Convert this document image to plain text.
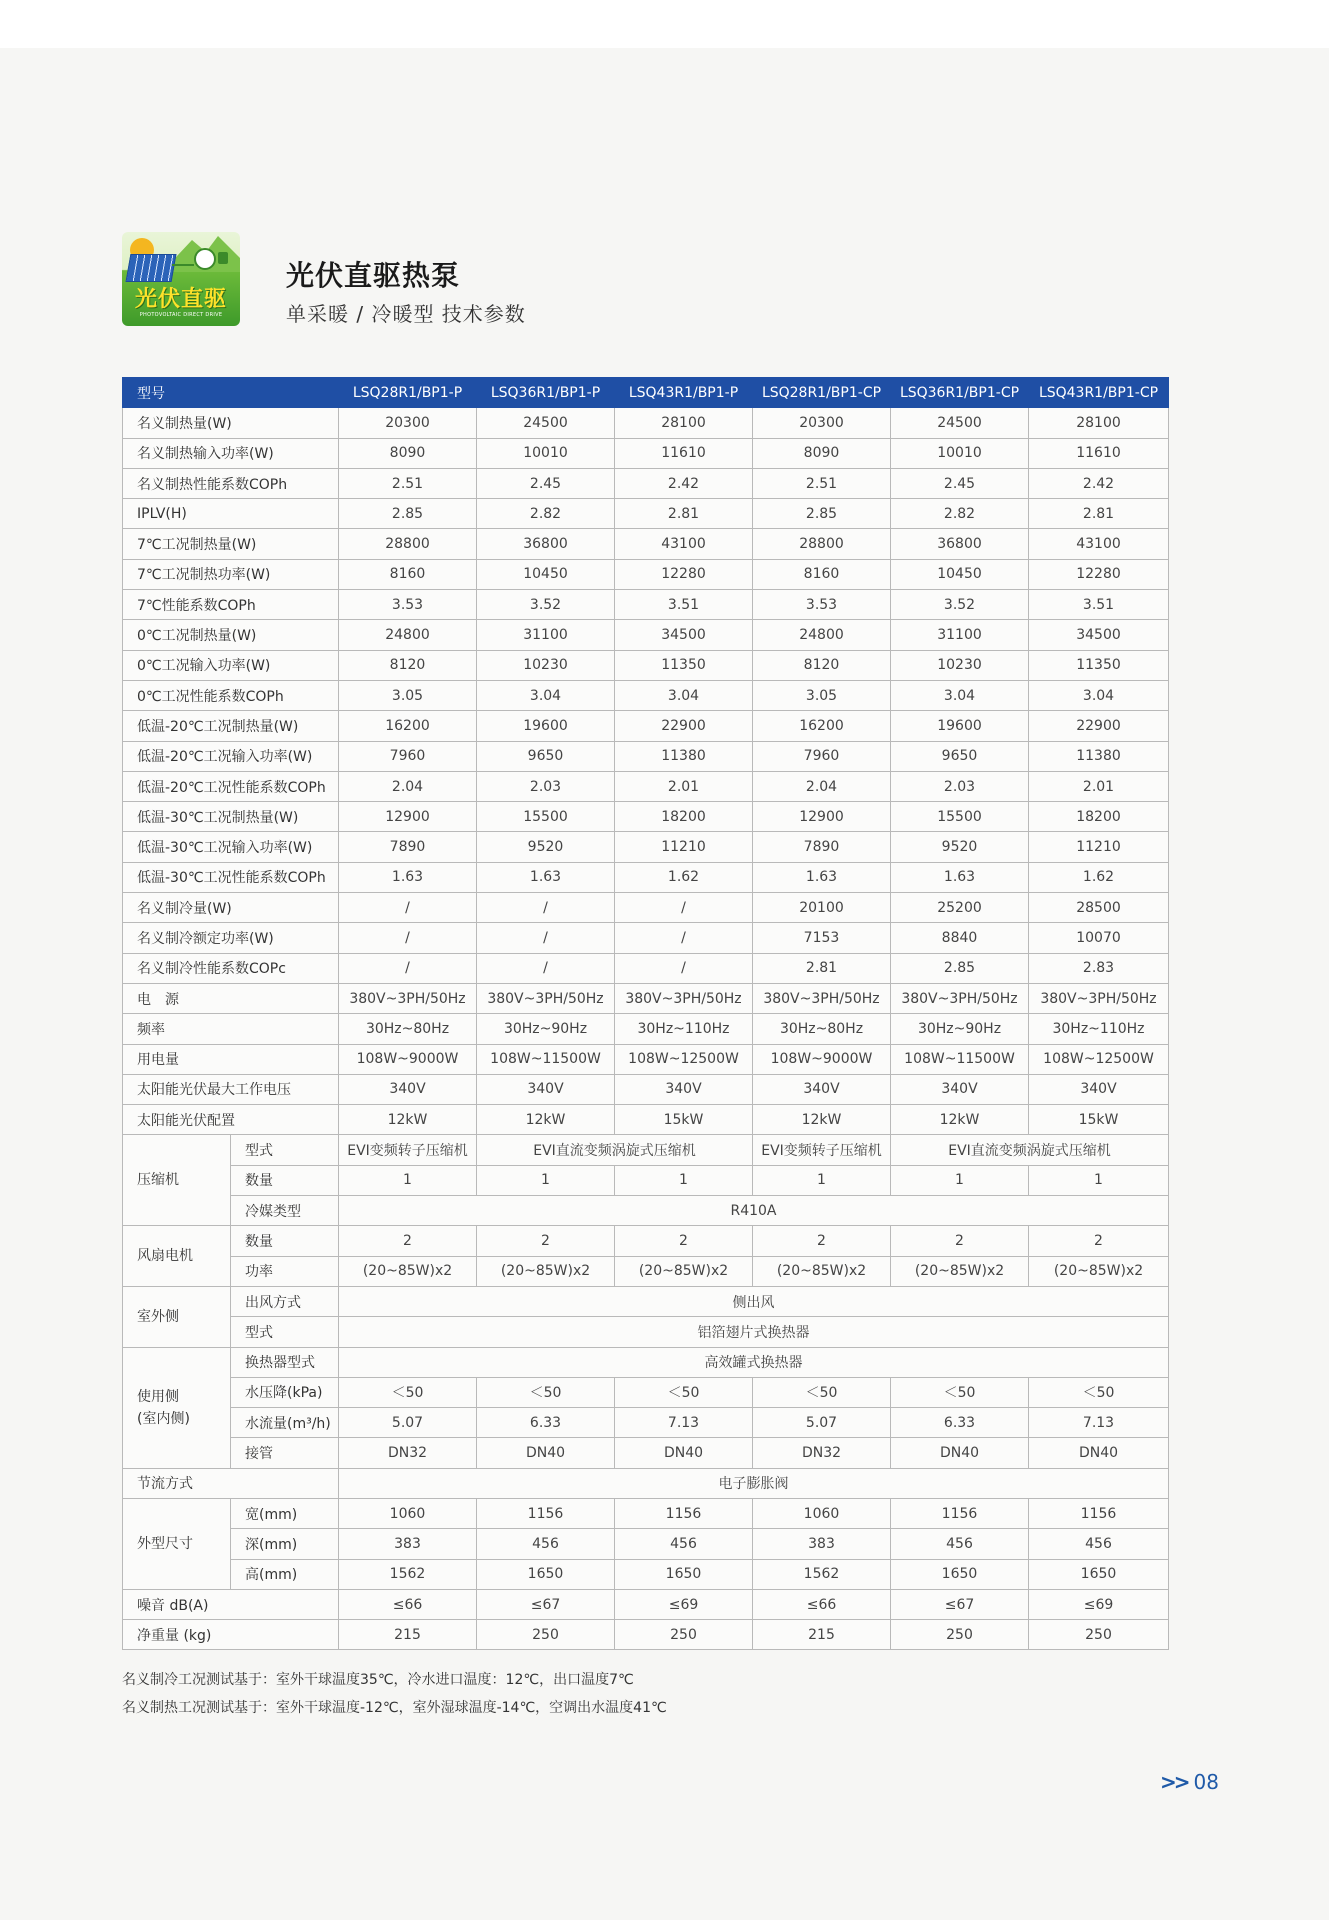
光伏直驱
PHOTOVOLTAIC DIRECT DRIVE
光伏直驱热泵
单采暖 / 冷暖型 技术参数
型号		LSQ28R1/BP1-P	LSQ36R1/BP1-P	LSQ43R1/BP1-P	LSQ28R1/BP1-CP	LSQ36R1/BP1-CP	LSQ43R1/BP1-CP
名义制热量(W)		20300	24500	28100	20300	24500	28100
名义制热输入功率(W)		8090	10010	11610	8090	10010	11610
名义制热性能系数COPh		2.51	2.45	2.42	2.51	2.45	2.42
IPLV(H)		2.85	2.82	2.81	2.85	2.82	2.81
7℃工况制热量(W)		28800	36800	43100	28800	36800	43100
7℃工况制热功率(W)		8160	10450	12280	8160	10450	12280
7℃性能系数COPh		3.53	3.52	3.51	3.53	3.52	3.51
0℃工况制热量(W)		24800	31100	34500	24800	31100	34500
0℃工况输入功率(W)		8120	10230	11350	8120	10230	11350
0℃工况性能系数COPh		3.05	3.04	3.04	3.05	3.04	3.04
低温-20℃工况制热量(W)		16200	19600	22900	16200	19600	22900
低温-20℃工况输入功率(W)		7960	9650	11380	7960	9650	11380
低温-20℃工况性能系数COPh		2.04	2.03	2.01	2.04	2.03	2.01
低温-30℃工况制热量(W)		12900	15500	18200	12900	15500	18200
低温-30℃工况输入功率(W)		7890	9520	11210	7890	9520	11210
低温-30℃工况性能系数COPh		1.63	1.63	1.62	1.63	1.63	1.62
名义制冷量(W)		/	/	/	20100	25200	28500
名义制冷额定功率(W)		/	/	/	7153	8840	10070
名义制冷性能系数COPc		/	/	/	2.81	2.85	2.83
电　源		380V~3PH/50Hz	380V~3PH/50Hz	380V~3PH/50Hz	380V~3PH/50Hz	380V~3PH/50Hz	380V~3PH/50Hz
频率		30Hz~80Hz	30Hz~90Hz	30Hz~110Hz	30Hz~80Hz	30Hz~90Hz	30Hz~110Hz
用电量		108W~9000W	108W~11500W	108W~12500W	108W~9000W	108W~11500W	108W~12500W
太阳能光伏最大工作电压		340V	340V	340V	340V	340V	340V
太阳能光伏配置		12kW	12kW	15kW	12kW	12kW	15kW
压缩机	型式	EVI变频转子压缩机	EVI直流变频涡旋式压缩机		EVI变频转子压缩机	EVI直流变频涡旋式压缩机	
	数量	1	1	1	1	1	1
	冷媒类型	R410A					
风扇电机	数量	2	2	2	2	2	2
	功率	(20~85W)x2	(20~85W)x2	(20~85W)x2	(20~85W)x2	(20~85W)x2	(20~85W)x2
室外侧	出风方式	侧出风					
	型式	铝箔翅片式换热器					
使用侧
(室内侧)	换热器型式	高效罐式换热器					
	水压降(kPa)	＜50	＜50	＜50	＜50	＜50	＜50
	水流量(m³/h)	5.07	6.33	7.13	5.07	6.33	7.13
	接管	DN32	DN40	DN40	DN32	DN40	DN40
节流方式		电子膨胀阀					
外型尺寸	宽(mm)	1060	1156	1156	1060	1156	1156
	深(mm)	383	456	456	383	456	456
	高(mm)	1562	1650	1650	1562	1650	1650
噪音 dB(A)		≤66	≤67	≤69	≤66	≤67	≤69
净重量 (kg)		215	250	250	215	250	250
名义制冷工况测试基于：室外干球温度35℃，冷水进口温度：12℃，出口温度7℃
名义制热工况测试基于：室外干球温度-12℃，室外湿球温度-14℃，空调出水温度41℃
>> 08
